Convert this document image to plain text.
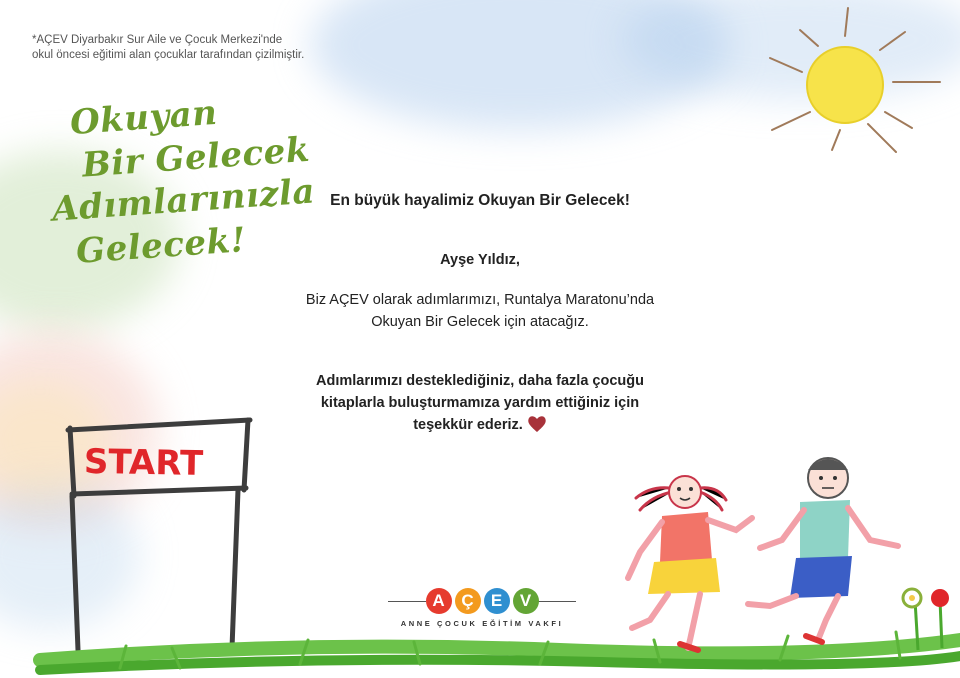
START
*AÇEV Diyarbakır Sur Aile ve Çocuk Merkezi'nde
okul öncesi eğitimi alan çocuklar tarafından çizilmiştir.
Okuyan
Bir Gelecek
Adımlarınızla
Gelecek!
En büyük hayalimiz Okuyan Bir Gelecek!
Ayşe Yıldız,
Biz AÇEV olarak adımlarımızı, Runtalya Maratonu’nda
Okuyan Bir Gelecek için atacağız.
Adımlarımızı desteklediğiniz, daha fazla çocuğu
kitaplarla buluşturmamıza yardım ettiğiniz için
teşekkür ederiz.
A Ç	E	V
ANNE ÇOCUK EĞİTİM VAKFI
